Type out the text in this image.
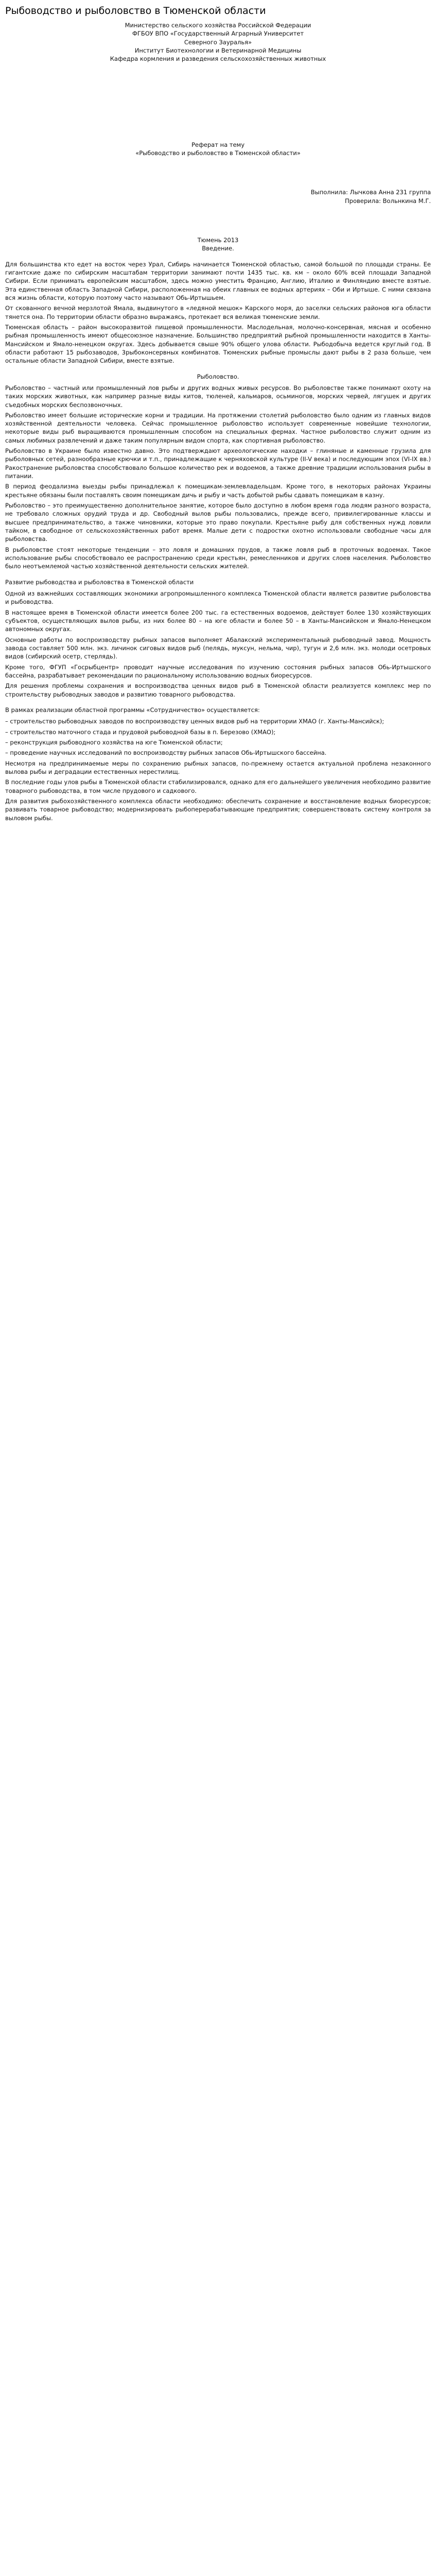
Рыбоводство и рыболовство в Тюменской области

Министерство сельского хозяйства Российской Федерации

ФГБОУ ВПО «Государственный Аграрный Университет

Северного Зауралья»

Институт Биотехнологии и Ветеринарной Медицины

Кафедра кормления и разведения сельскохозяйственных животных

Реферат на тему

«Рыбоводство и рыболовство в Тюменской области»

Выполнила: Лычкова Анна 231 группа

Проверила: Вольнкина М.Г.

Тюмень 2013

Введение.

Для большинства кто едет на восток через Урал, Сибирь начинается Тюменской областью, самой большой по площади страны. Ее гигантские даже по сибирским масштабам территории занимают почти 1435 тыс. кв. км – около 60% всей площади Западной Сибири. Если принимать европейским масштабом, здесь можно уместить Францию, Англию, Италию и Финляндию вместе взятые. Эта единственная область Западной Сибири, расположенная на обеих главных ее водных артериях – Оби и Иртыше. С ними связана вся жизнь области, которую поэтому часто называют Обь-Иртышьем.

От скованного вечной мерзлотой Ямала, выдвинутого в «ледяной мешок» Карского моря, до заселки сельских районов юга области тянется она. По территории области образно выражаясь, протекает вся великая тюменские земли.

Тюменская область – район высокоразвитой пищевой промышленности. Маслодельная, молочно-консервная, мясная и особенно рыбная промышленность имеют общесоюзное назначение. Большинство предприятий рыбной промышленности находится в Ханты-Мансийском и Ямало-ненецком округах. Здесь добывается свыше 90% общего улова области. Рыбодобыча ведется круглый год. В области работают 15 рыбозаводов, 3рыбоконсервных комбинатов. Тюменских рыбные промыслы дают рыбы в 2 раза больше, чем остальные области Западной Сибири, вместе взятые.

Рыболовство.

Рыболовство – частный или промышленный лов рыбы и других водных живых ресурсов. Во рыболовстве также понимают охоту на таких морских животных, как например разные виды китов, тюленей, кальмаров, осьминогов, морских червей, лягушек и других съедобных морских беспозвоночных.

Рыболовство имеет большие исторические корни и традиции. На протяжении столетий рыболовство было одним из главных видов хозяйственной деятельности человека. Сейчас промышленное рыболовство использует современные новейшие технологии, некоторые виды рыб выращиваются промышленным способом на специальных фермах. Частное рыболовство служит одним из самых любимых развлечений и даже таким популярным видом спорта, как спортивная рыболовство.

Рыболовство в Украине было известно давно. Это подтверждают археологические находки – глиняные и каменные грузила для рыболовных сетей, разнообразные крючки и т.п., принадлежащие к черняховской культуре (II-V века) и последующим эпох (VI-IX вв.) Ракостранение рыболовства способствовало большое количество рек и водоемов, а также древние традиции использования рыбы в питании.

В период феодализма выезды рыбы принадлежал к помещикам-землевладельцам. Кроме того, в некоторых районах Украины крестьяне обязаны были поставлять своим помещикам дичь и рыбу и часть добытой рыбы сдавать помещикам в казну.

Рыболовство – это преимущественно дополнительное занятие, которое было доступно в любом время года людям разного возраста, не требовало сложных орудий труда и др. Свободный вылов рыбы пользовались, прежде всего, привилегированные классы и высшее предпринимательство, а также чиновники, которые это право покупали. Крестьяне рыбу для собственных нужд ловили тайком, в свободное от сельскохозяйственных работ время. Малые дети с подростки охотно использовали свободные часы для рыболовства.

В рыболовстве стоят некоторые тенденции – это ловля и домашних прудов, а также ловля рыб в проточных водоемах. Такое использование рыбы способствовало ее распространению среди крестьян, ремесленников и других слоев населения. Рыболовство было неотъемлемой частью хозяйственной деятельности сельских жителей.

Развитие рыбоводства и рыболовства в Тюменской области

Одной из важнейших составляющих экономики агропромышленного комплекса Тюменской области является развитие рыболовства и рыбоводства.

В настоящее время в Тюменской области имеется более 200 тыс. га естественных водоемов, действует более 130 хозяйствующих субъектов, осуществляющих вылов рыбы, из них более 80 – на юге области и более 50 – в Ханты-Мансийском и Ямало-Ненецком автономных округах.

Основные работы по воспроизводству рыбных запасов выполняет Абалакский экспериментальный рыбоводный завод. Мощность завода составляет 500 млн. экз. личинок сиговых видов рыб (пелядь, муксун, нельма, чир), тугун и 2,6 млн. экз. молоди осетровых видов (сибирский осетр, стерлядь).

Кроме того, ФГУП «Госрыбцентр» проводит научные исследования по изучению состояния рыбных запасов Обь-Иртышского бассейна, разрабатывает рекомендации по рациональному использованию водных биоресурсов.

Для решения проблемы сохранения и воспроизводства ценных видов рыб в Тюменской области реализуется комплекс мер по строительству рыбоводных заводов и развитию товарного рыбоводства.

В рамках реализации областной программы «Сотрудничество» осуществляется:

– строительство рыбоводных заводов по воспроизводству ценных видов рыб на территории ХМАО (г. Ханты-Мансийск);

– строительство маточного стада и прудовой рыбоводной базы в п. Березово (ХМАО);

– реконструкция рыбоводного хозяйства на юге Тюменской области;

– проведение научных исследований по воспроизводству рыбных запасов Обь-Иртышского бассейна.

Несмотря на предпринимаемые меры по сохранению рыбных запасов, по-прежнему остается актуальной проблема незаконного вылова рыбы и деградации естественных нерестилищ.

В последние годы улов рыбы в Тюменской области стабилизировался, однако для его дальнейшего увеличения необходимо развитие товарного рыбоводства, в том числе прудового и садкового.

Для развития рыбохозяйственного комплекса области необходимо: обеспечить сохранение и восстановление водных биоресурсов; развивать товарное рыбоводство; модернизировать рыбоперерабатывающие предприятия; совершенствовать систему контроля за выловом рыбы.
